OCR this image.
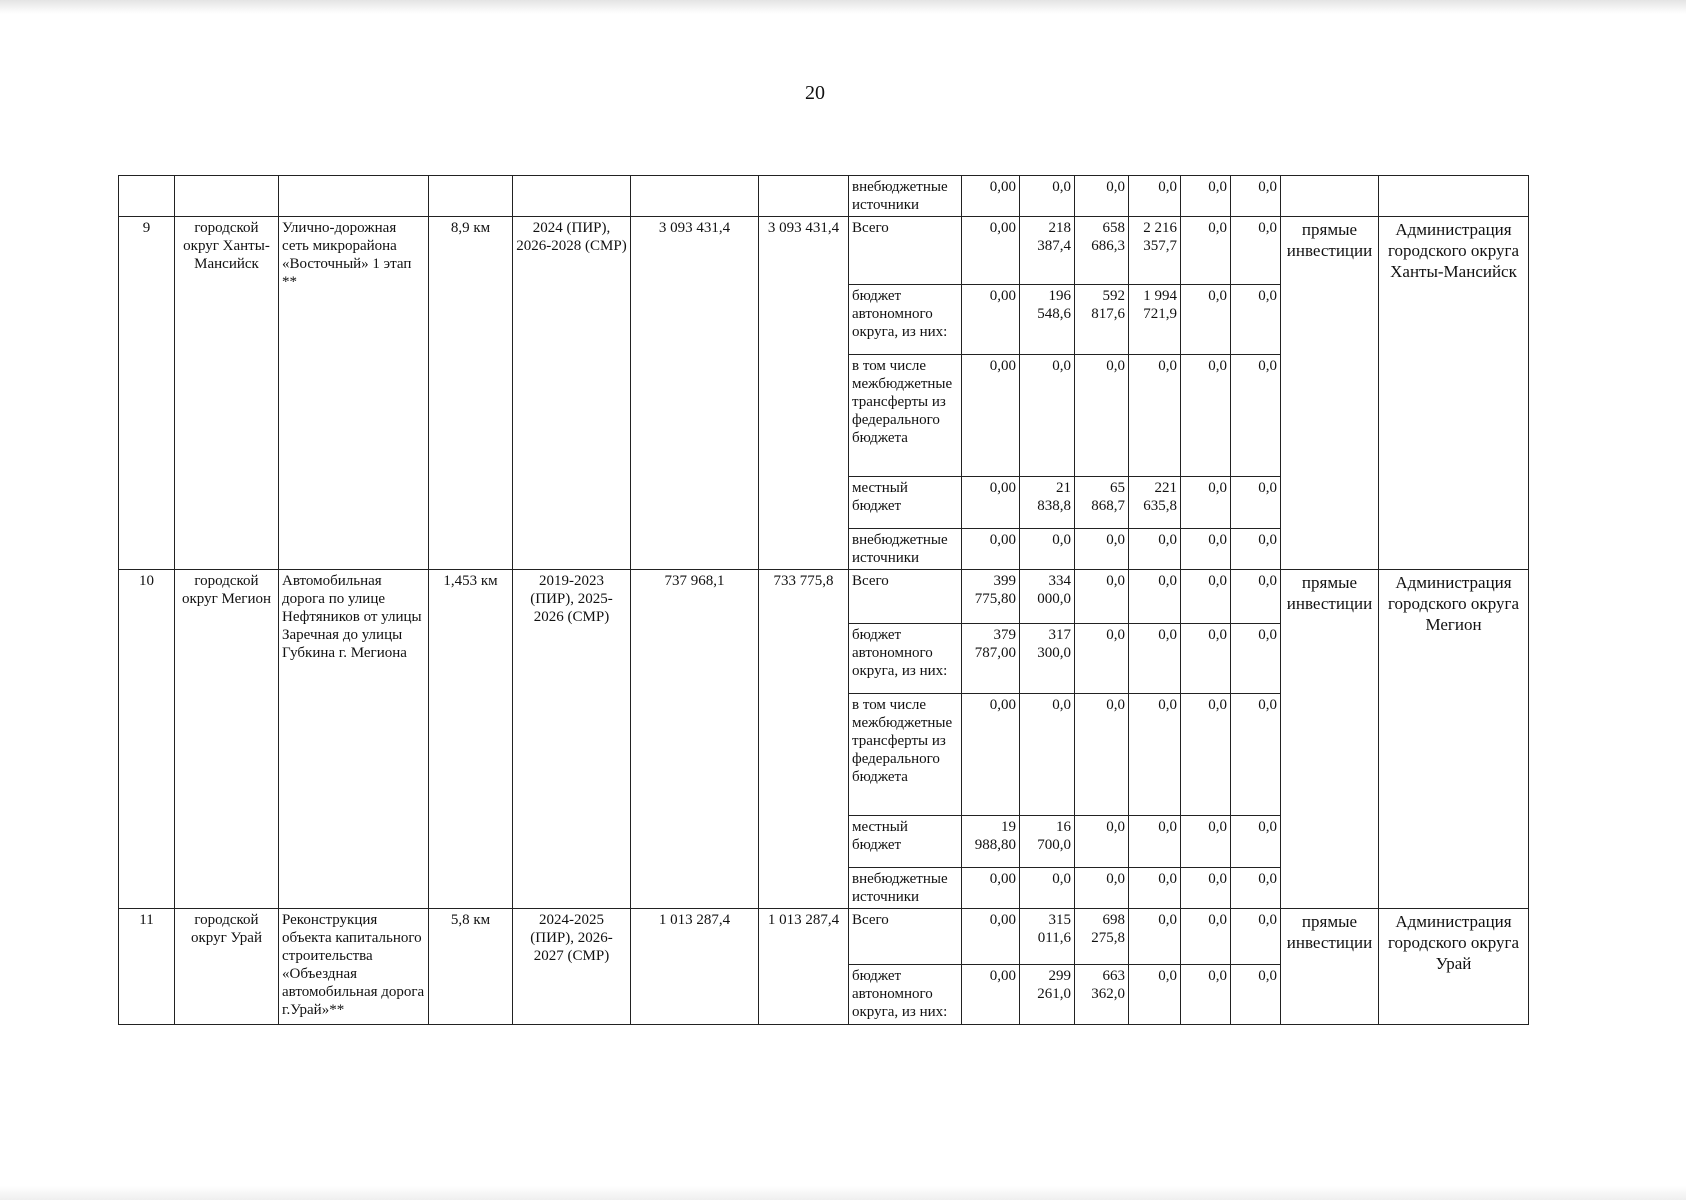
20
							внебюджетные источники	0,00	0,0	0,0	0,0	0,0	0,0		
9	городской округ Ханты-Мансийск	Улично-дорожная сеть микрорайона «Восточный» 1 этап **	8,9 км	2024 (ПИР), 2026-2028 (СМР)	3 093 431,4	3 093 431,4	Всего	0,00	218 387,4	658 686,3	2 216 357,7	0,0	0,0	прямые инвестиции	Администрация городского округа Ханты-Мансийск
							бюджет автономного округа, из них:	0,00	196 548,6	592 817,6	1 994 721,9	0,0	0,0		
							в том числе межбюджетные трансферты из федерального бюджета	0,00	0,0	0,0	0,0	0,0	0,0		
							местный бюджет	0,00	21 838,8	65 868,7	221 635,8	0,0	0,0		
							внебюджетные источники	0,00	0,0	0,0	0,0	0,0	0,0		
10	городской округ Мегион	Автомобильная дорога по улице Нефтяников от улицы Заречная до улицы Губкина г. Мегиона	1,453 км	2019-2023 (ПИР), 2025-2026 (СМР)	737 968,1	733 775,8	Всего	399 775,80	334 000,0	0,0	0,0	0,0	0,0	прямые инвестиции	Администрация городского округа Мегион
							бюджет автономного округа, из них:	379 787,00	317 300,0	0,0	0,0	0,0	0,0		
							в том числе межбюджетные трансферты из федерального бюджета	0,00	0,0	0,0	0,0	0,0	0,0		
							местный бюджет	19 988,80	16 700,0	0,0	0,0	0,0	0,0		
							внебюджетные источники	0,00	0,0	0,0	0,0	0,0	0,0		
11	городской округ Урай	Реконструкция объекта капитального строительства «Объездная автомобильная дорога г.Урай»**	5,8 км	2024-2025 (ПИР), 2026-2027 (СМР)	1 013 287,4	1 013 287,4	Всего	0,00	315 011,6	698 275,8	0,0	0,0	0,0	прямые инвестиции	Администрация городского округа Урай
							бюджет автономного округа, из них:	0,00	299 261,0	663 362,0	0,0	0,0	0,0		
